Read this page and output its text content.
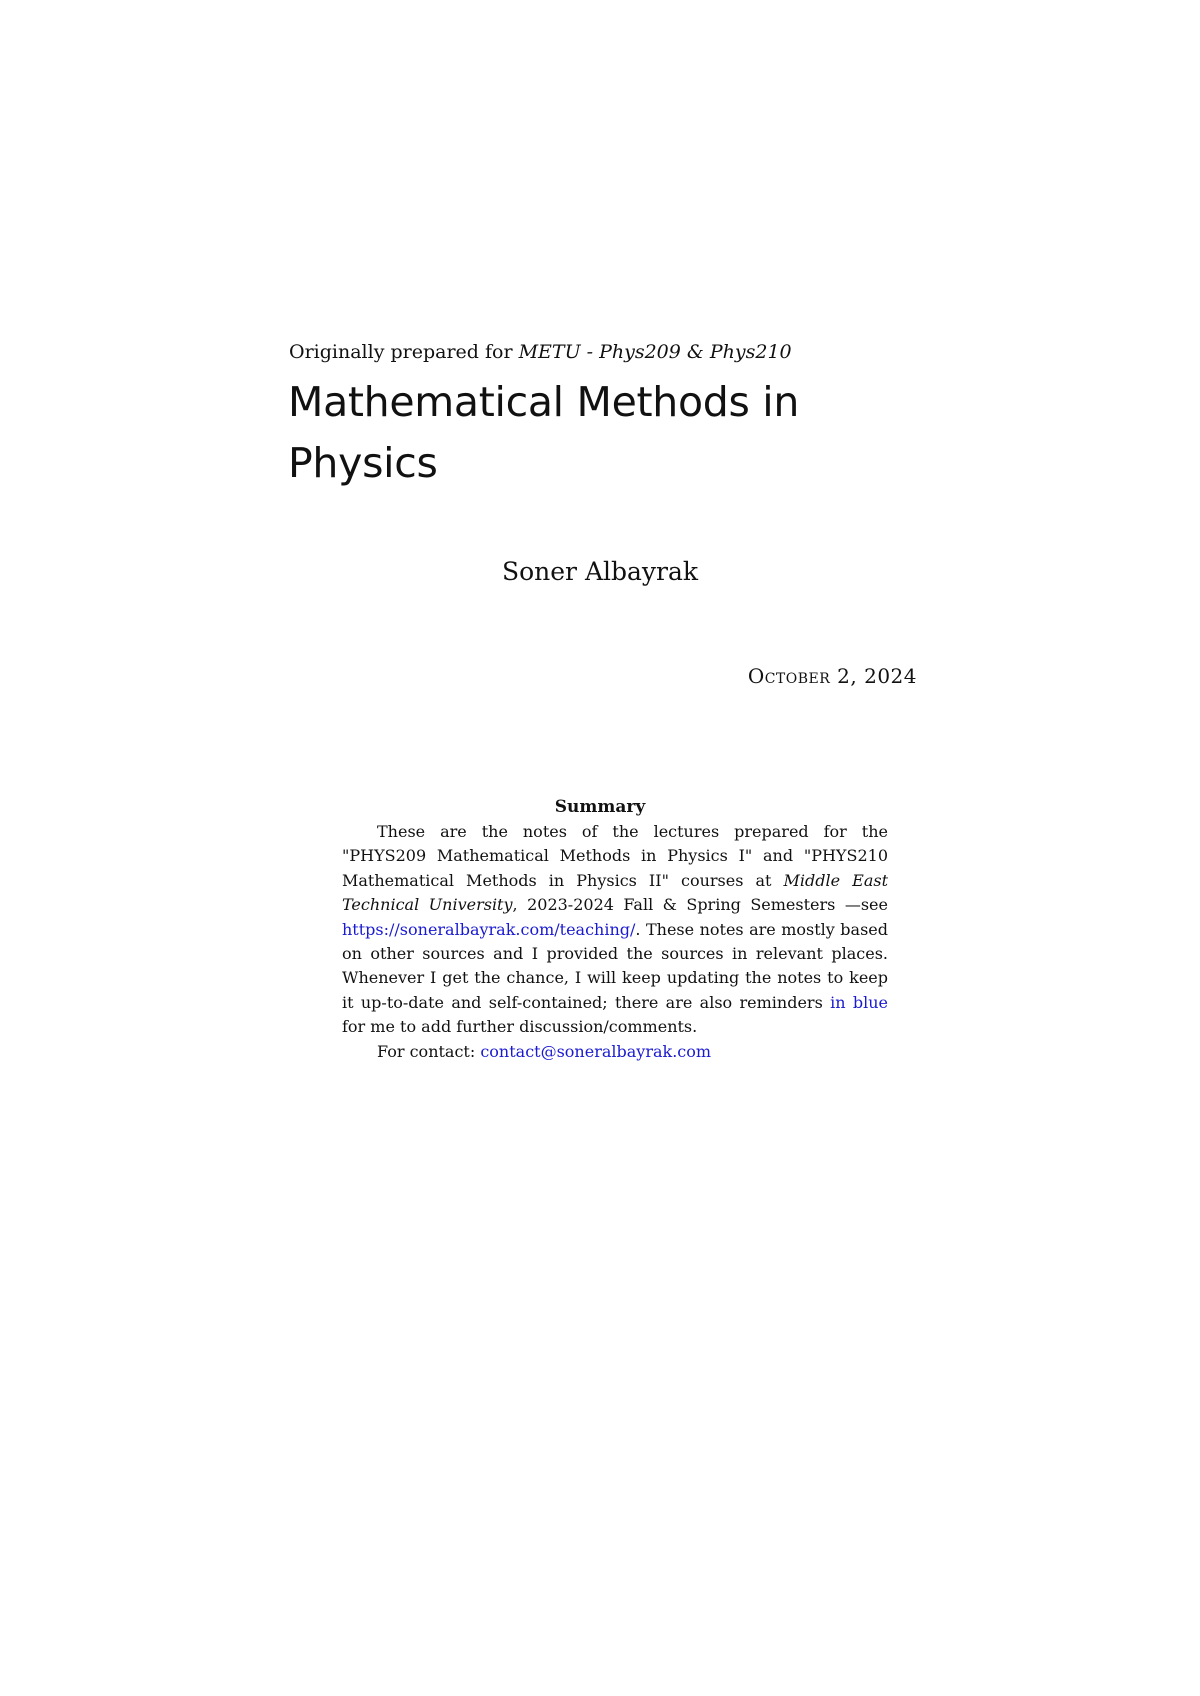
Originally prepared for METU - Phys209 & Phys210
Mathematical Methods in
Physics
Soner Albayrak
October 2, 2024
Summary

These are the notes of the lectures prepared for the "PHYS209 Mathematical Methods in Physics I" and "PHYS210 Mathematical Methods in Physics II" courses at Middle East Technical University, 2023-2024 Fall & Spring Semesters —see https://soneralbayrak.com/teaching/. These notes are mostly based on other sources and I provided the sources in relevant places. Whenever I get the chance, I will keep updating the notes to keep it up-to-date and self-contained; there are also reminders in blue for me to add further discussion/comments.

For contact: contact@soneralbayrak.com
